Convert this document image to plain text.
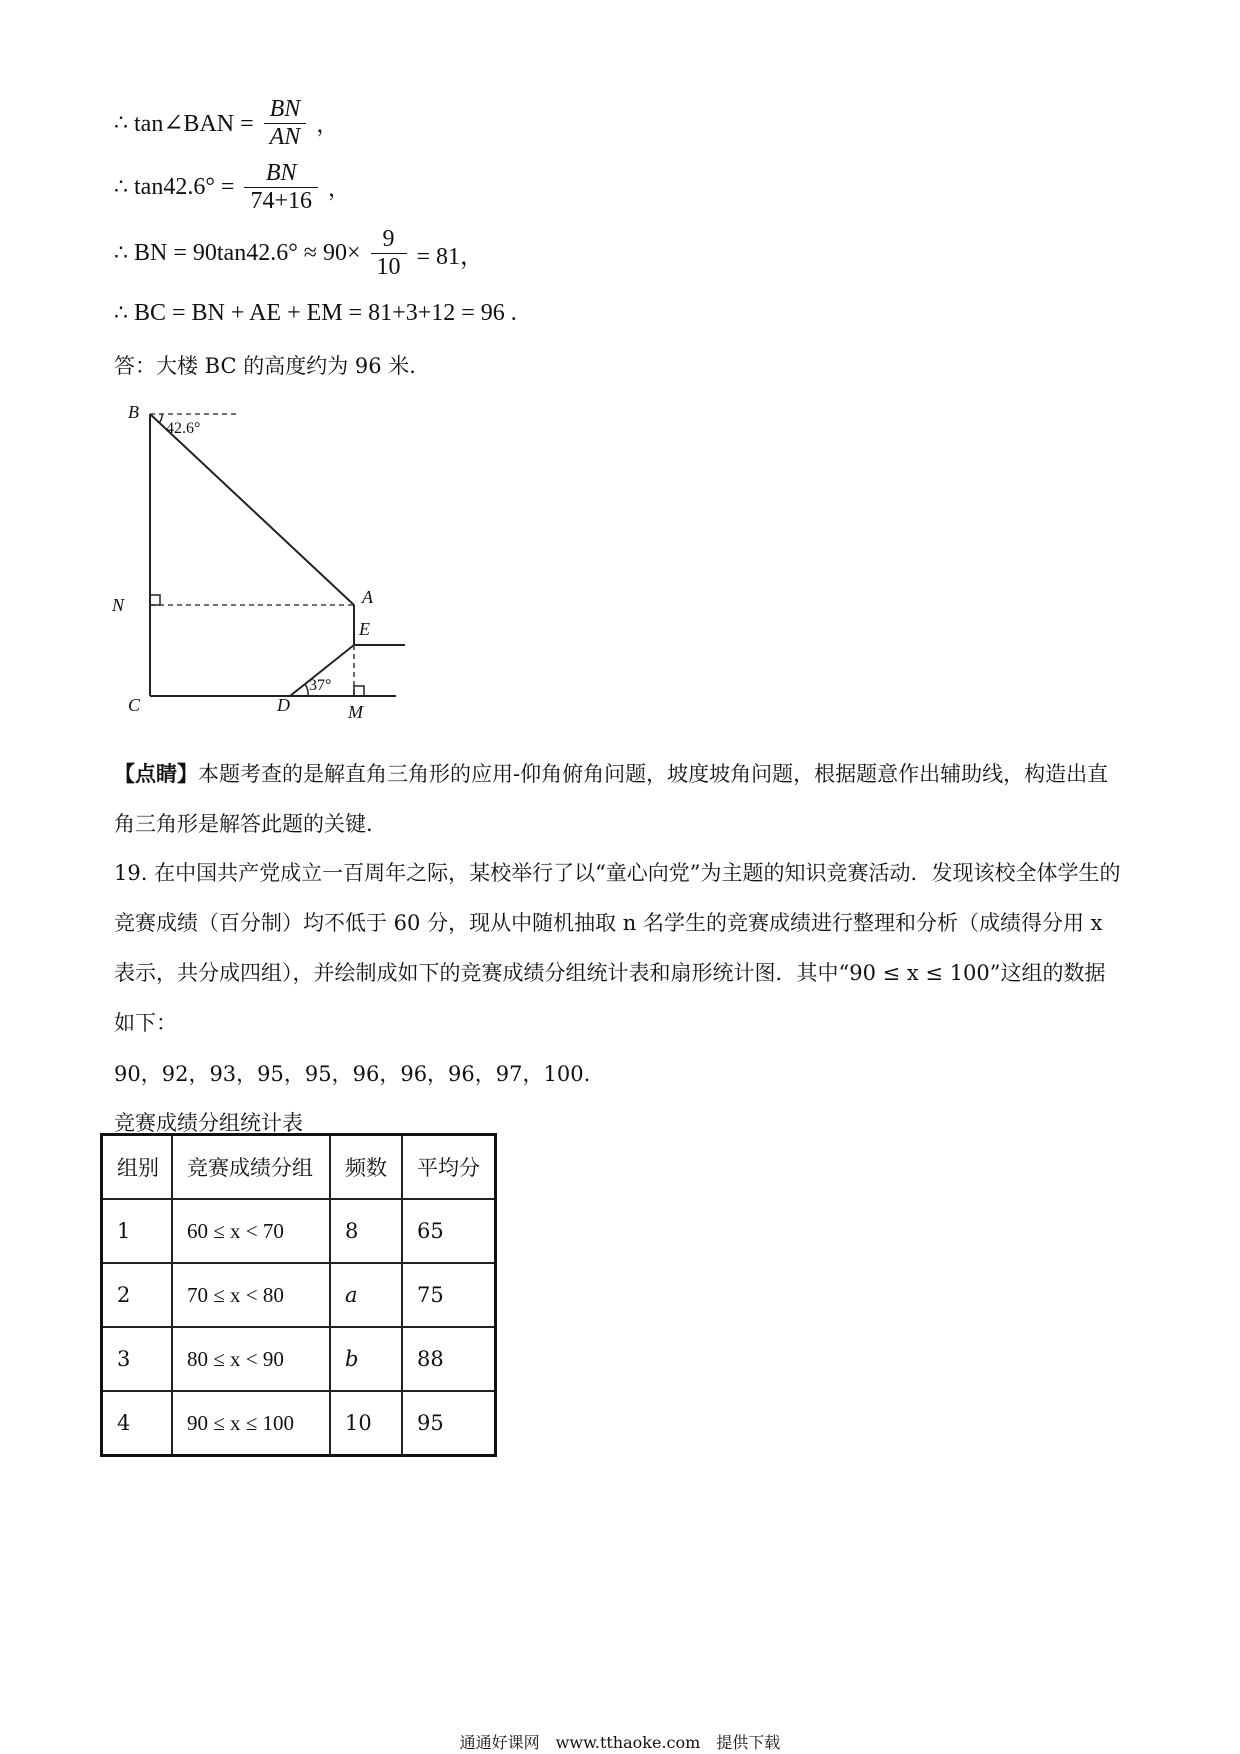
∴ tan∠BAN = $\frac{BN}{AN}$ ，
∴ $\tan 42.6^\circ = \frac{BN}{74+16}$ ，
∴ BN = $90\tan 42.6^\circ \approx 90\times \frac{9}{10} = 81$，
∴ BC = BN + AE + EM = 81+3+12 = 96 .
答：大楼 BC 的高度约为 96 米.
B
N
C	D	M
A
E
42.6°
37°
【点睛】本题考查的是解直角三角形的应用-仰角俯角问题，坡度坡角问题，根据题意作出辅助线，构造出直角三角形是解答此题的关键.
19. 在中国共产党成立一百周年之际，某校举行了以“童心向党”为主题的知识竞赛活动．发现该校全体学生的竞赛成绩（百分制）均不低于 60 分，现从中随机抽取 n 名学生的竞赛成绩进行整理和分析（成绩得分用 x 表示，共分成四组），并绘制成如下的竞赛成绩分组统计表和扇形统计图．其中“90 ≤ x ≤ 100”这组的数据如下：
90，92，93，95，95，96，96，96，97，100.
竞赛成绩分组统计表
组别	竞赛成绩分组	频数	平均分
1	60 ≤ x < 70	8	65
2	70 ≤ x < 80	a	75
3	80 ≤ x < 90	b	88
4	90 ≤ x ≤ 100	10	95
通通好课网　www.tthaoke.com　提供下载
